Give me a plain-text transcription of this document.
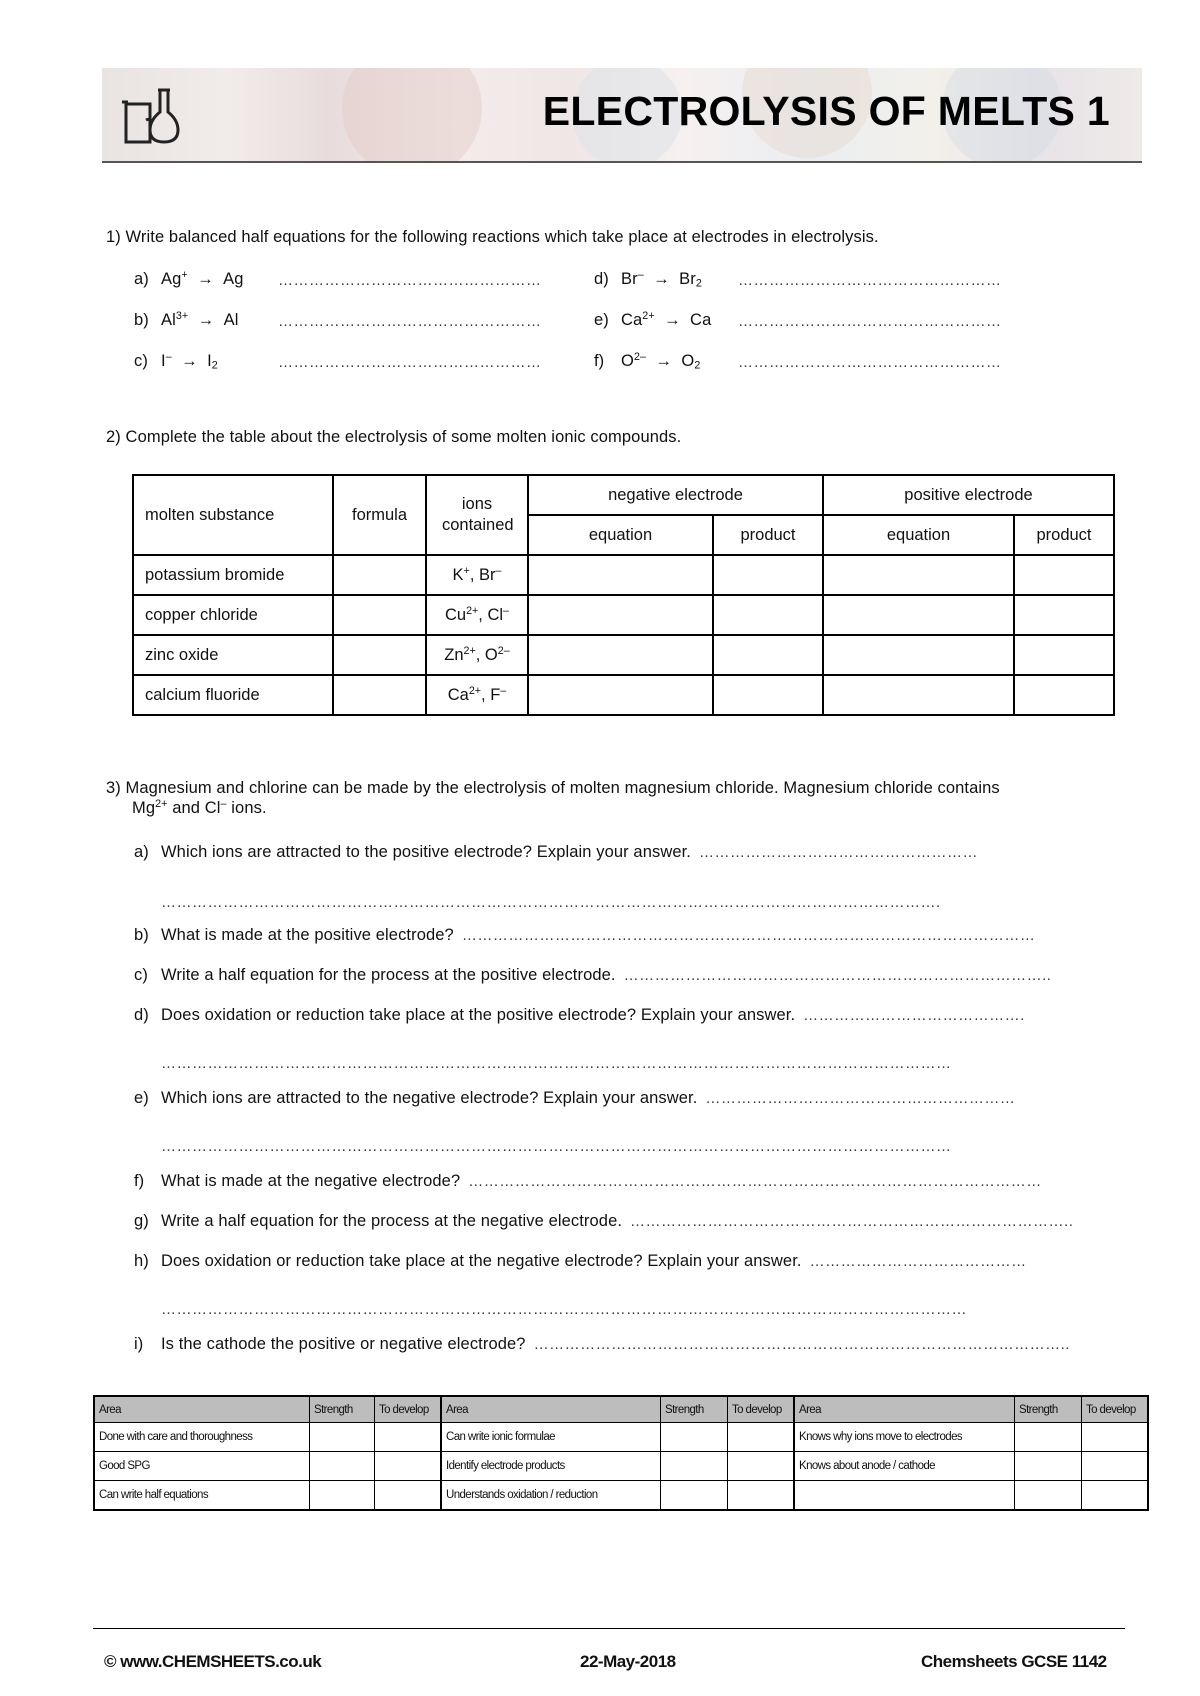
ELECTROLYSIS OF MELTS 1
1) Write balanced half equations for the following reactions which take place at electrodes in electrolysis.
a) Ag+  →  Ag ……………………………………………
b) $Al^{3+} \to Al$	……………………………………………
c) $I^- \to I_2$	……………………………………………
d) $Br^- \to Br_2$ ……………………………………………
e) $Ca^{2+} \to Ca$ ……………………………………………
f) $O^{2-} \to O_2$	……………………………………………
2) Complete the table about the electrolysis of some molten ionic compounds.
molten substance	formula	ions contained	negative electrode		positive electrode	
			equation	product	equation	product
potassium bromide		K+, Br–				
copper chloride		$Cu^{2+}$, Cl–				
zinc oxide		$Zn^{2+}$, $O^{2-}$				
calcium fluoride		$Ca^{2+}$, F–				
3) Magnesium and chlorine can be made by the electrolysis of molten magnesium chloride. Magnesium chloride contains
$Mg^{2+}$ and Cl– ions.
a) Which ions are attracted to the positive electrode? Explain your answer. ………………………………………………
…………………………………………………………………………………………………………………………………….
b) What is made at the positive electrode? …………………………………………………………………………………………………
c) Write a half equation for the process at the positive electrode. ………………………………………………………………………..
d) Does oxidation or reduction take place at the positive electrode? Explain your answer. …………………………………….
………………………………………………………………………………………………………………………………………
e) Which ions are attracted to the negative electrode? Explain your answer. ……………………………………………………
………………………………………………………………………………………………………………………………………
f) What is made at the negative electrode? …………………………………………………………………………………………………
g) Write a half equation for the process at the negative electrode. …………………………………………………………………………..
h) Does oxidation or reduction take place at the negative electrode? Explain your answer. ……………………………………
…………………………………………………………………………………………………………………………………………
i) Is the cathode the positive or negative electrode? …………………………………………………………………………………………..
Area	Strength	To develop	Area	Strength	To develop	Area	Strength	To develop
Done with care and thoroughness			Can write ionic formulae			Knows why ions move to electrodes		
Good SPG			Identify electrode products			Knows about anode / cathode		
Can write half equations			Understands oxidation / reduction					
© www.CHEMSHEETS.co.uk	22-May-2018	Chemsheets GCSE 1142
